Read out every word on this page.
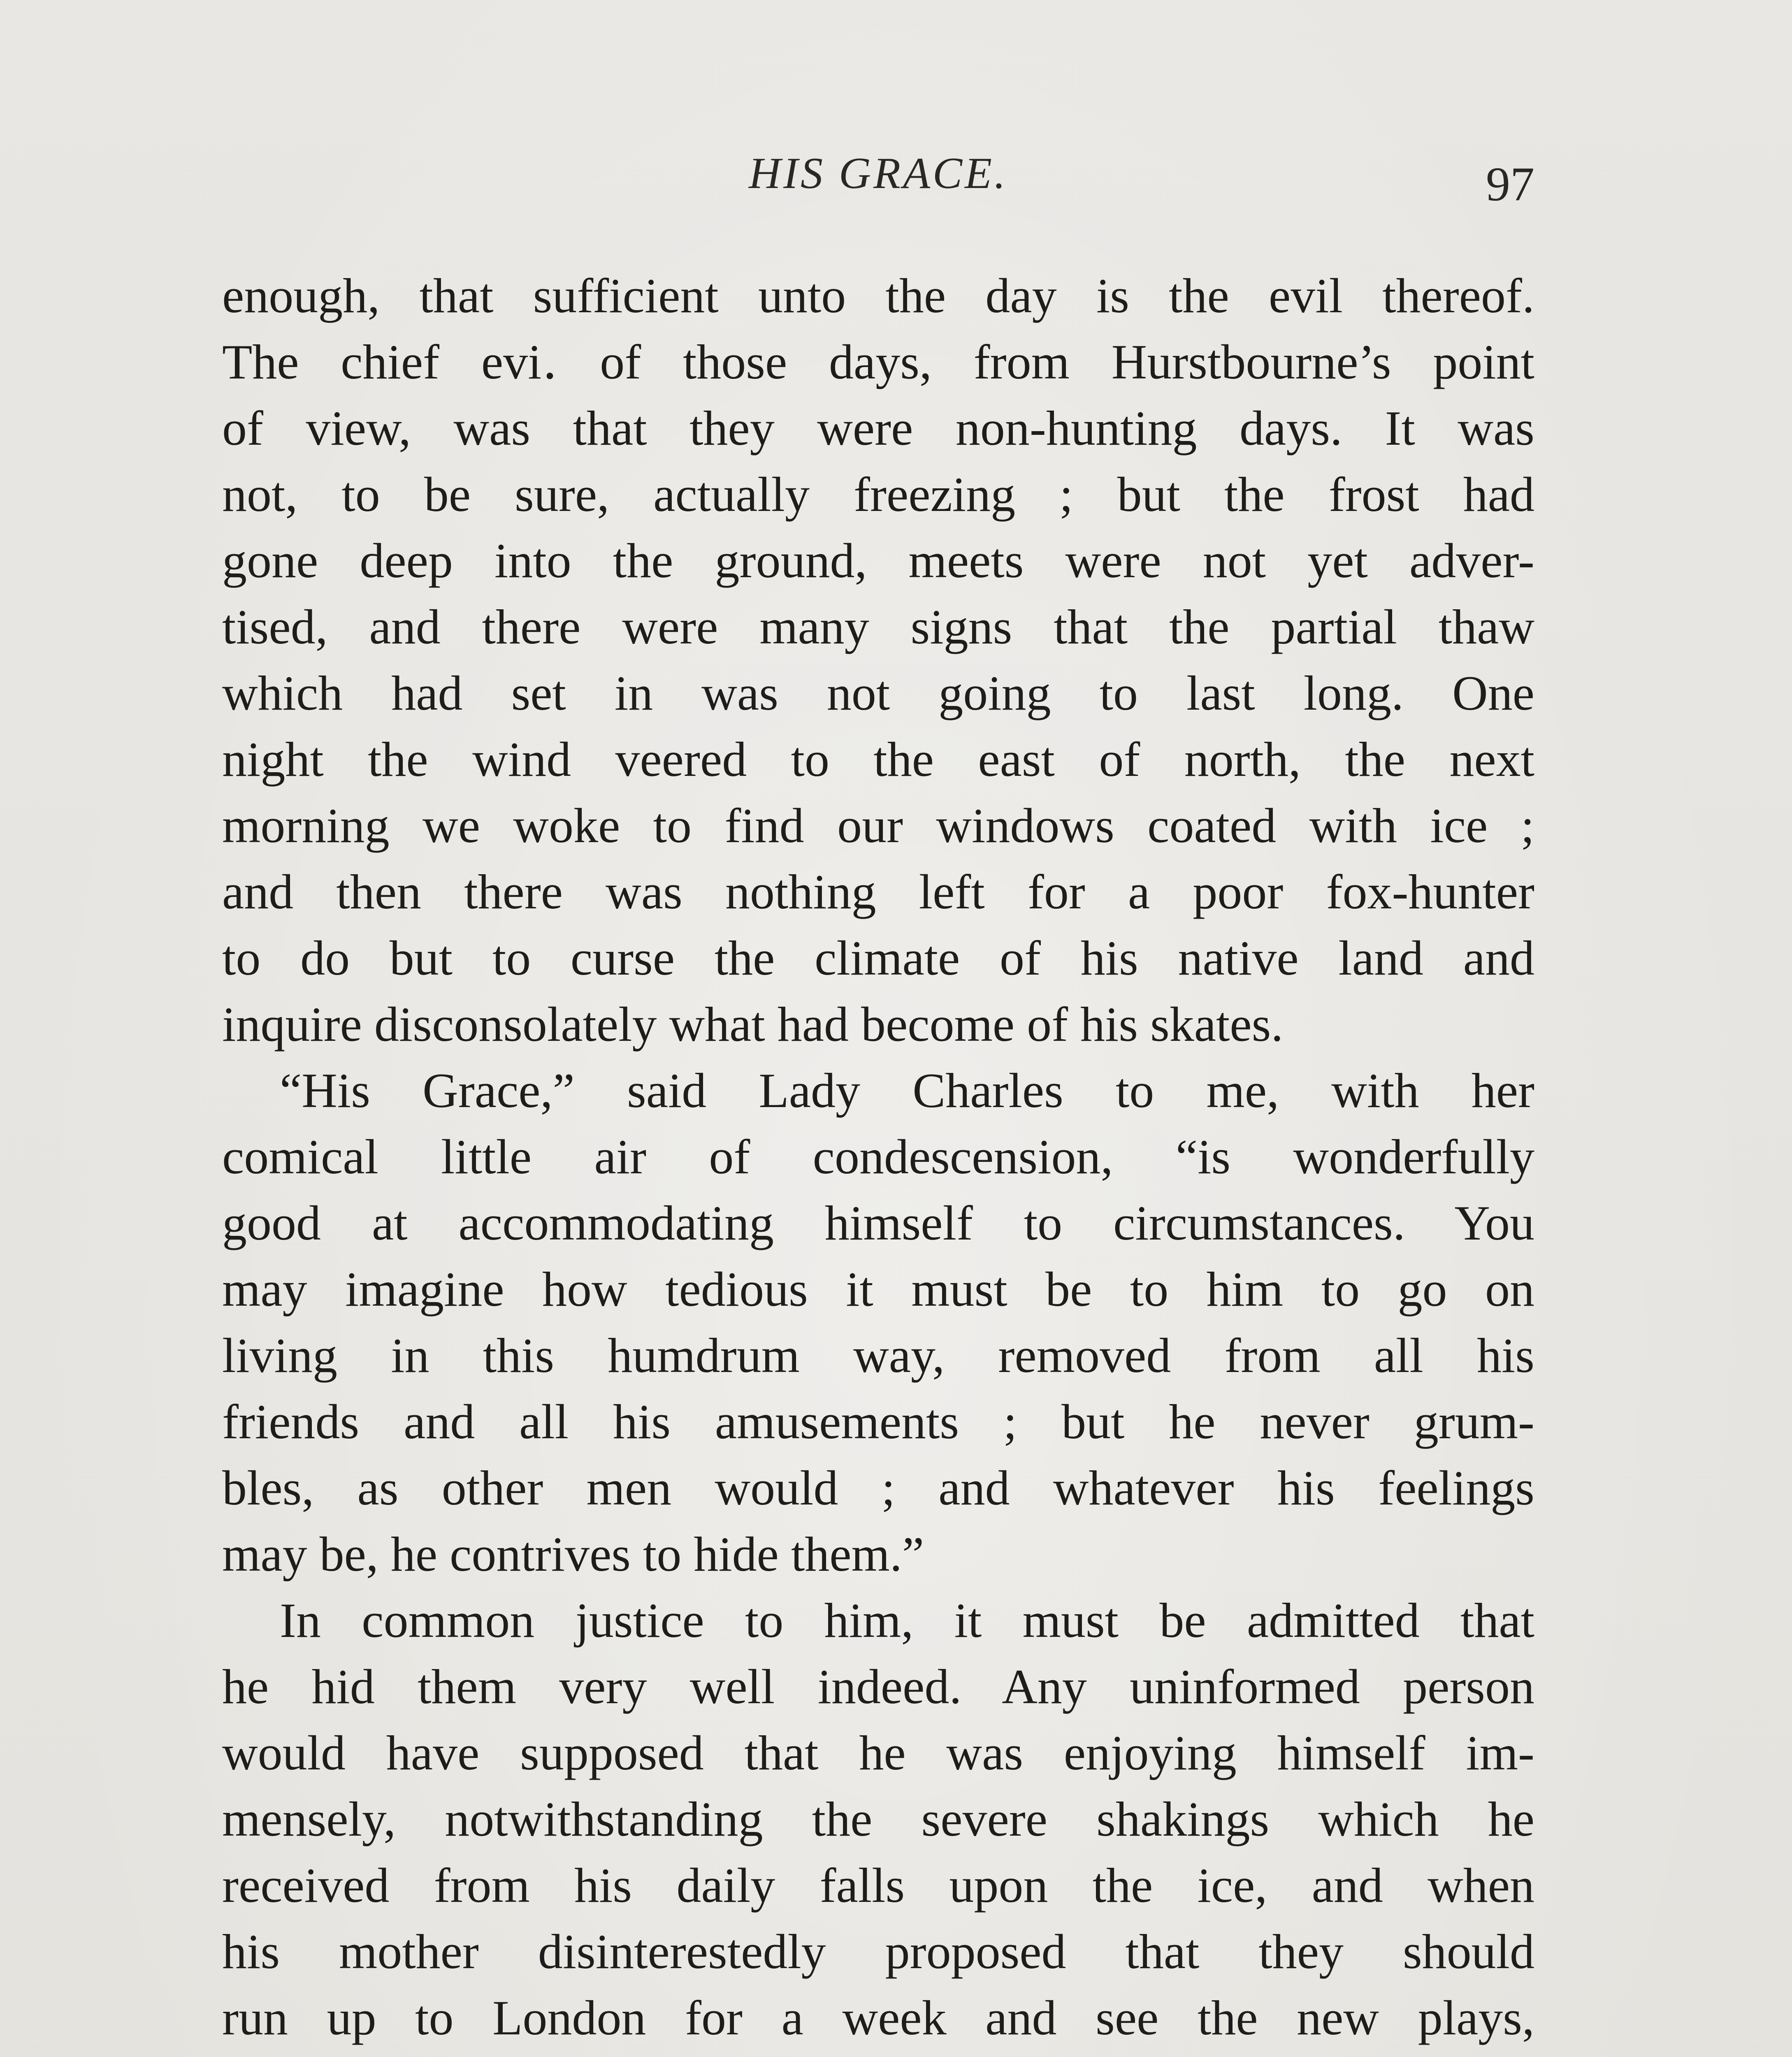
HIS GRACE.	97
enough, that sufficient unto the day is the evil thereof.
The chief evi․ of those days, from Hurstbourne’s point
of view, was that they were non-hunting days. It was
not, to be sure, actually freezing ; but the frost had
gone deep into the ground, meets were not yet adver-
tised, and there were many signs that the partial thaw
which had set in was not going to last long. One
night the wind veered to the east of north, the next
morning we woke to find our windows coated with ice ;
and then there was nothing left for a poor fox-hunter
to do but to curse the climate of his native land and
inquire disconsolately what had become of his skates.
“His Grace,” said Lady Charles to me, with her
comical little air of condescension, “is wonderfully
good at accommodating himself to circumstances. You
may imagine how tedious it must be to him to go on
living in this humdrum way, removed from all his
friends and all his amusements ; but he never grum-
bles, as other men would ; and whatever his feelings
may be, he contrives to hide them.”
In common justice to him, it must be admitted that
he hid them very well indeed. Any uninformed person
would have supposed that he was enjoying himself im-
mensely, notwithstanding the severe shakings which he
received from his daily falls upon the ice, and when
his mother disinterestedly proposed that they should
run up to London for a week and see the new plays,
